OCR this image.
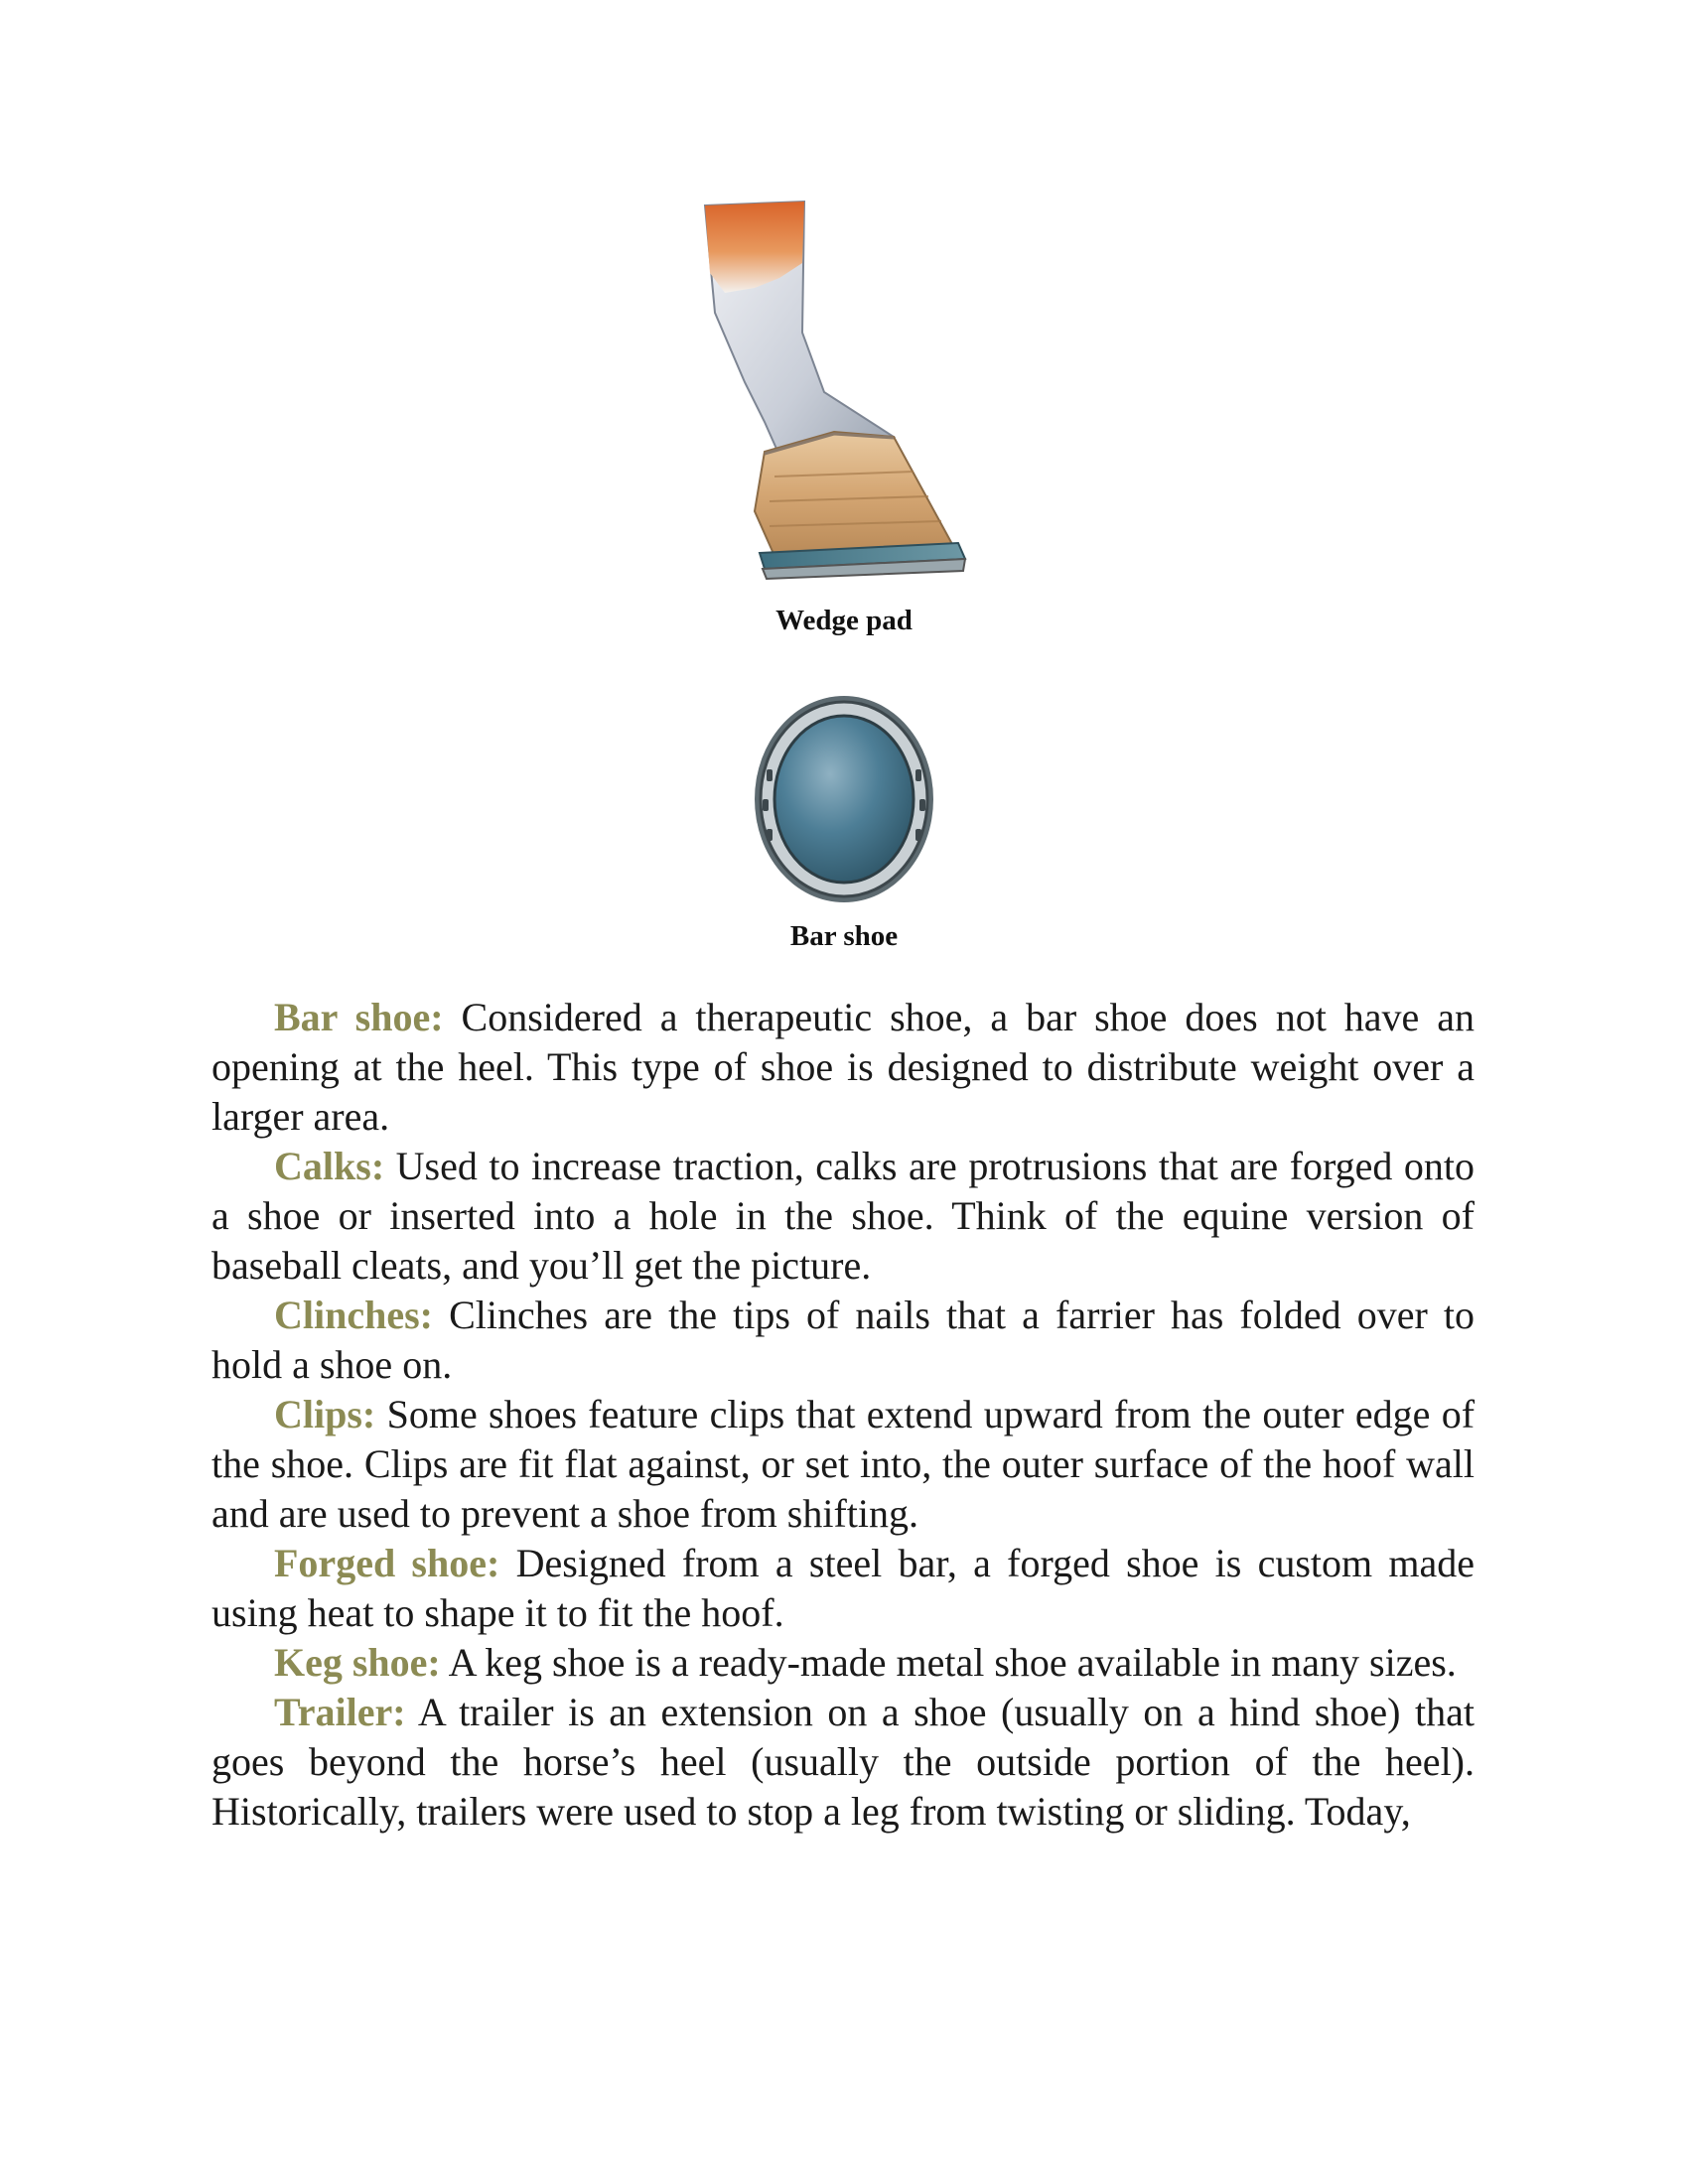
Wedge pad
Bar shoe

Bar shoe: Considered a therapeutic shoe, a bar shoe does not have an opening at the heel. This type of shoe is designed to distribute weight over a larger area.

Calks: Used to increase traction, calks are protrusions that are forged onto a shoe or inserted into a hole in the shoe. Think of the equine version of baseball cleats, and you’ll get the picture.

Clinches: Clinches are the tips of nails that a farrier has folded over to hold a shoe on.

Clips: Some shoes feature clips that extend upward from the outer edge of the shoe. Clips are fit flat against, or set into, the outer surface of the hoof wall and are used to prevent a shoe from shifting.

Forged shoe: Designed from a steel bar, a forged shoe is custom made using heat to shape it to fit the hoof.

Keg shoe: A keg shoe is a ready-made metal shoe available in many sizes.

Trailer: A trailer is an extension on a shoe (usually on a hind shoe) that goes beyond the horse’s heel (usually the outside portion of the heel). Historically, trailers were used to stop a leg from twisting or sliding. Today,
